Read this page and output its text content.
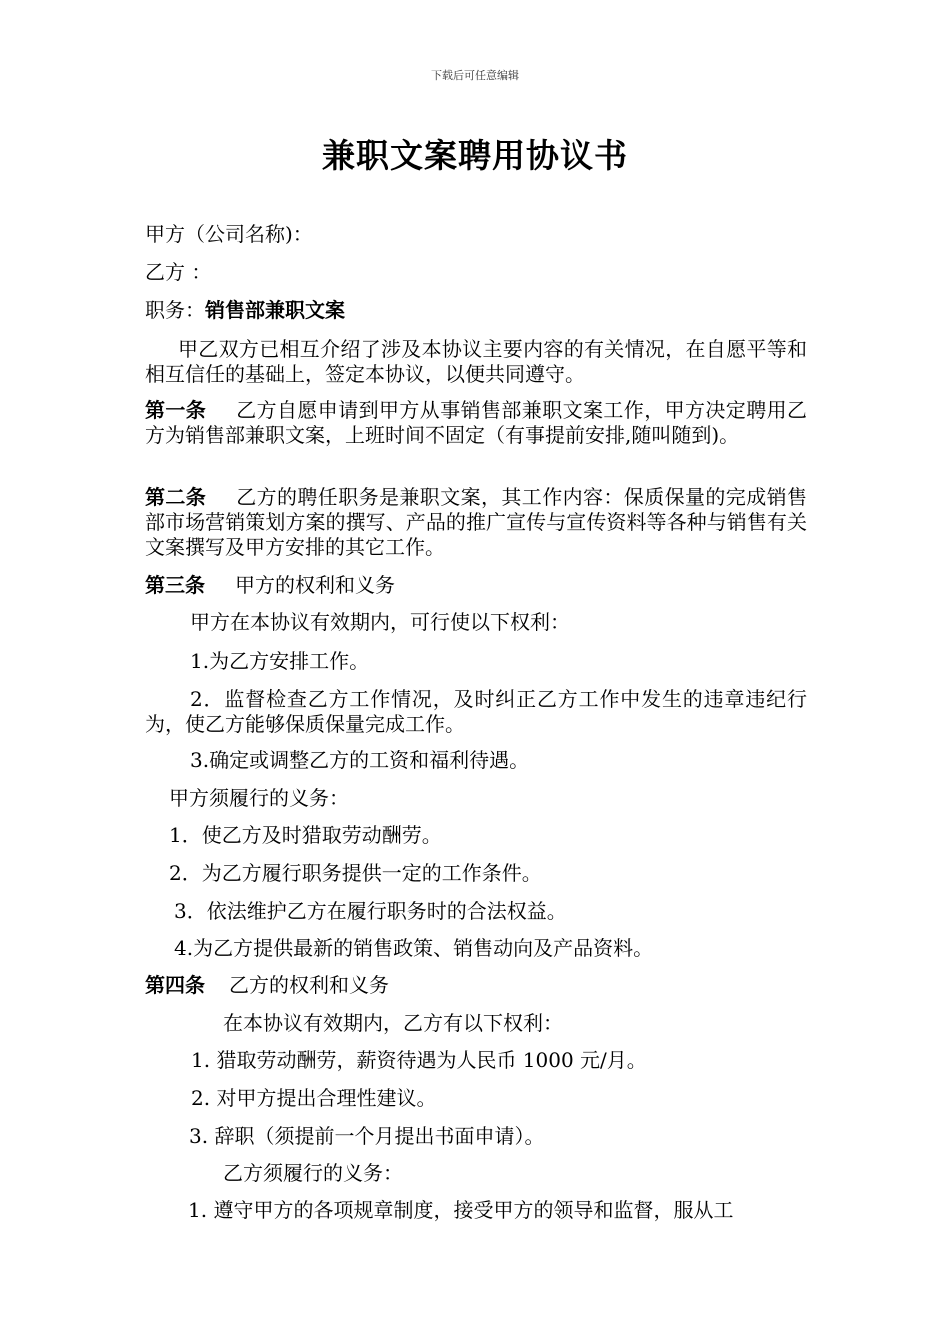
下载后可任意编辑
兼职文案聘用协议书
甲方（公司名称)：
乙方 ：
职务：销售部兼职文案
甲乙双方已相互介绍了涉及本协议主要内容的有关情况，在自愿平等和相互信任的基础上，签定本协议，以便共同遵守。
第一条 乙方自愿申请到甲方从事销售部兼职文案工作，甲方决定聘用乙方为销售部兼职文案，上班时间不固定（有事提前安排,随叫随到)。
第二条 乙方的聘任职务是兼职文案，其工作内容：保质保量的完成销售部市场营销策划方案的撰写、产品的推广宣传与宣传资料等各种与销售有关文案撰写及甲方安排的其它工作。
第三条 甲方的权利和义务
甲方在本协议有效期内，可行使以下权利：
1.为乙方安排工作。
2．监督检查乙方工作情况，及时纠正乙方工作中发生的违章违纪行为，使乙方能够保质保量完成工作。
3.确定或调整乙方的工资和福利待遇。
甲方须履行的义务：
1．使乙方及时猎取劳动酬劳。
2．为乙方履行职务提供一定的工作条件。
3．依法维护乙方在履行职务时的合法权益。
4.为乙方提供最新的销售政策、销售动向及产品资料。
第四条 乙方的权利和义务
在本协议有效期内，乙方有以下权利：
1. 猎取劳动酬劳，薪资待遇为人民币 1000 元/月。
2. 对甲方提出合理性建议。
3. 辞职（须提前一个月提出书面申请）。
乙方须履行的义务：
1. 遵守甲方的各项规章制度，接受甲方的领导和监督，服从工
